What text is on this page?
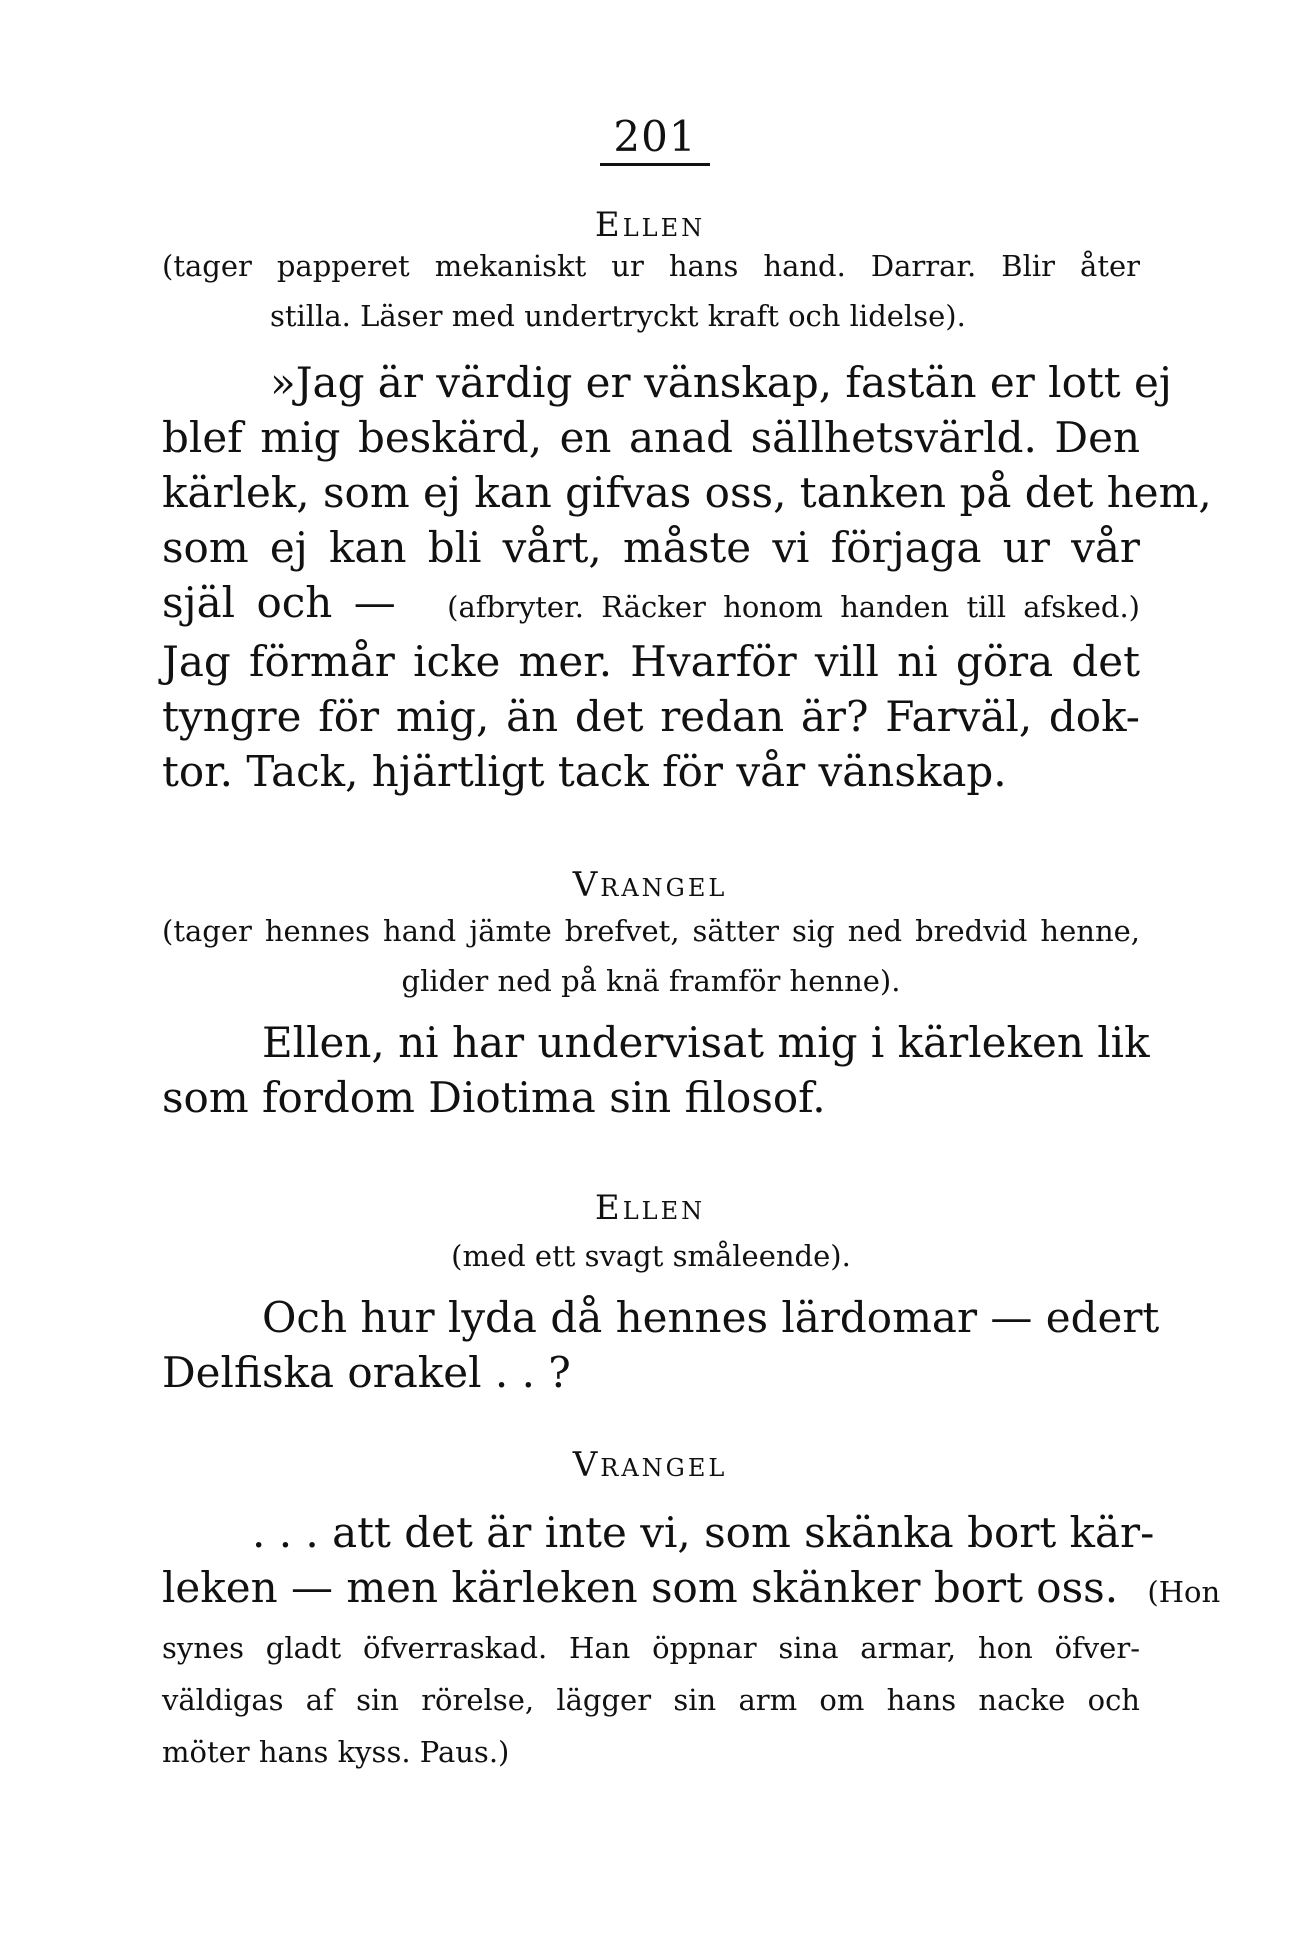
201
Ellen
(tager papperet mekaniskt ur hans hand. Darrar. Blir åter
stilla. Läser med undertryckt kraft och lidelse).
»Jag är värdig er vänskap, fastän er lott ej
blef mig beskärd, en anad sällhetsvärld. Den
kärlek, som ej kan gifvas oss, tanken på det hem,
som ej kan bli vårt, måste vi förjaga ur vår
själ och — (afbryter. Räcker honom handen till afsked.)
Jag förmår icke mer. Hvarför vill ni göra det
tyngre för mig, än det redan är? Farväl, dok-
tor. Tack, hjärtligt tack för vår vänskap.
Vrangel
(tager hennes hand jämte brefvet, sätter sig ned bredvid henne,
glider ned på knä framför henne).
Ellen, ni har undervisat mig i kärleken lik
som fordom Diotima sin filosof.
Ellen
(med ett svagt småleende).
Och hur lyda då hennes lärdomar — edert
Delfiska orakel . . ?
Vrangel
. . . att det är inte vi, som skänka bort kär-
leken — men kärleken som skänker bort oss. (Hon
synes gladt öfverraskad. Han öppnar sina armar, hon öfver-
väldigas af sin rörelse, lägger sin arm om hans nacke och
möter hans kyss. Paus.)
